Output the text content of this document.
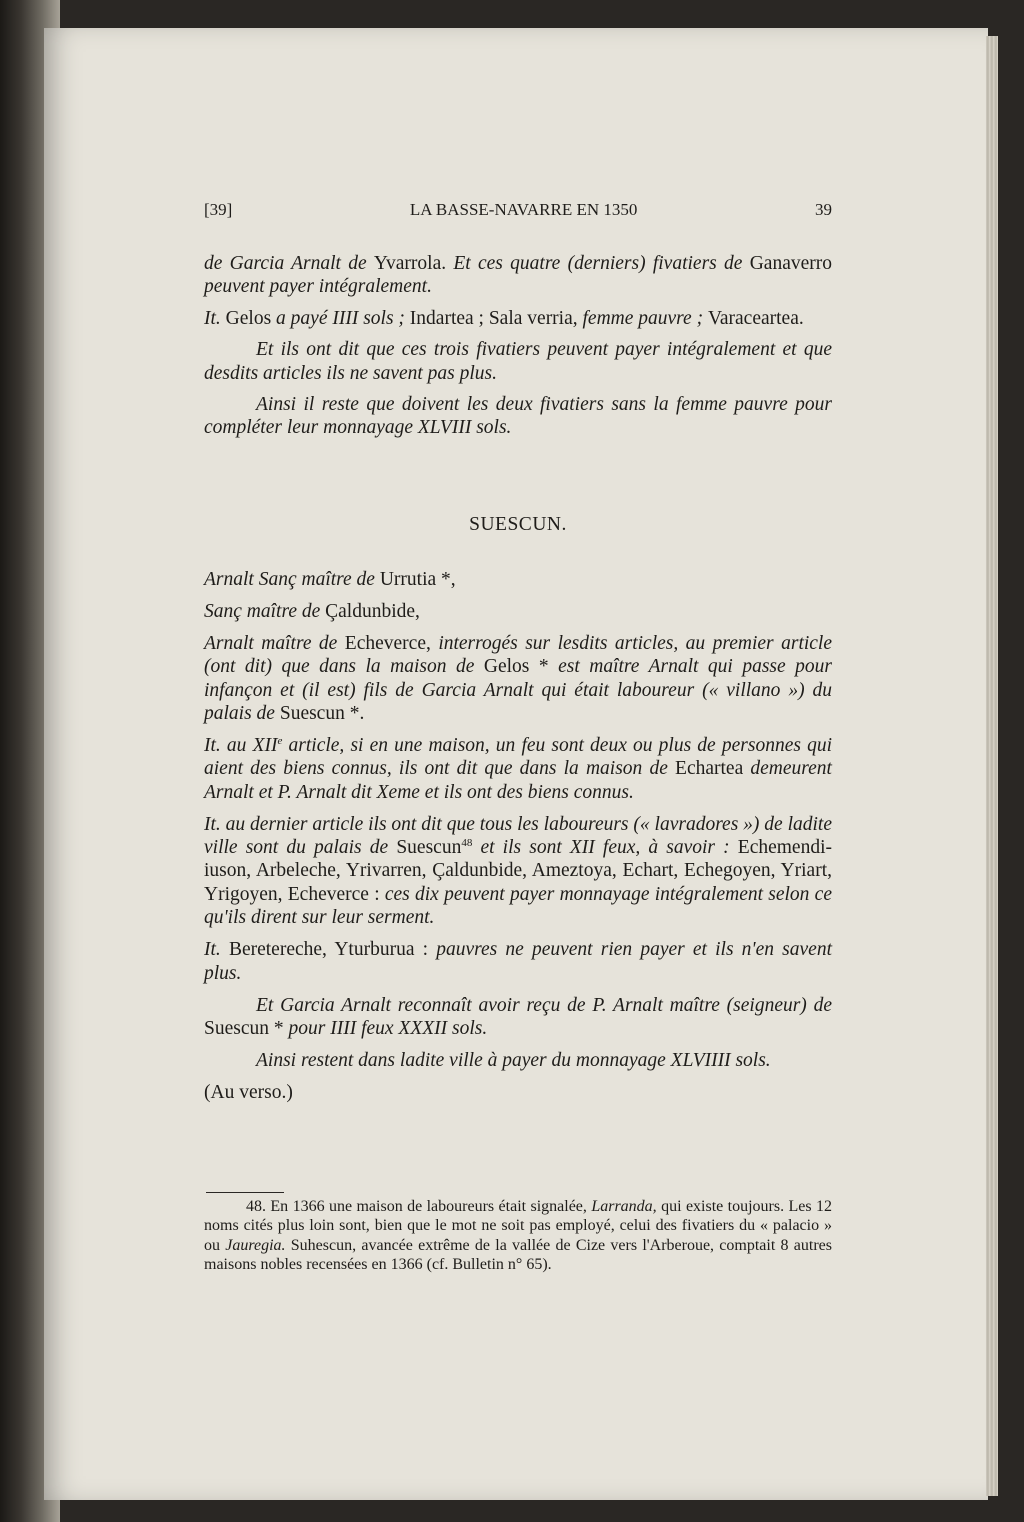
[39]	LA BASSE-NAVARRE EN 1350	39

de Garcia Arnalt de Yvarrola. Et ces quatre (derniers) fivatiers de Ganaverro peuvent payer intégralement.

It. Gelos a payé IIII sols ; Indartea ; Sala verria, femme pauvre ; Varaceartea.

Et ils ont dit que ces trois fivatiers peuvent payer intégralement et que desdits articles ils ne savent pas plus.

Ainsi il reste que doivent les deux fivatiers sans la femme pauvre pour compléter leur monnayage XLVIII sols.

SUESCUN.

Arnalt Sanç maître de Urrutia *,

Sanç maître de Çaldunbide,

Arnalt maître de Echeverce, interrogés sur lesdits articles, au premier article (ont dit) que dans la maison de Gelos * est maître Arnalt qui passe pour infançon et (il est) fils de Garcia Arnalt qui était laboureur (« villano ») du palais de Suescun *.

It. au XIIe article, si en une maison, un feu sont deux ou plus de personnes qui aient des biens connus, ils ont dit que dans la maison de Echartea demeurent Arnalt et P. Arnalt dit Xeme et ils ont des biens connus.

It. au dernier article ils ont dit que tous les laboureurs (« lavradores ») de ladite ville sont du palais de Suescun$^{48}$ et ils sont XII feux, à savoir : Echemendi-iuson, Arbeleche, Yrivarren, Çaldunbide, Ameztoya, Echart, Echegoyen, Yriart, Yrigoyen, Echeverce : ces dix peuvent payer monnayage intégralement selon ce qu'ils dirent sur leur serment.

It. Beretereche, Yturburua : pauvres ne peuvent rien payer et ils n'en savent plus.

Et Garcia Arnalt reconnaît avoir reçu de P. Arnalt maître (seigneur) de Suescun * pour IIII feux XXXII sols.

Ainsi restent dans ladite ville à payer du monnayage XLVIIII sols.

(Au verso.)

48. En 1366 une maison de laboureurs était signalée, Larranda, qui existe toujours. Les 12 noms cités plus loin sont, bien que le mot ne soit pas employé, celui des fivatiers du « palacio » ou Jauregia. Suhescun, avancée extrême de la vallée de Cize vers l'Arberoue, comptait 8 autres maisons nobles recensées en 1366 (cf. Bulletin n° 65).
